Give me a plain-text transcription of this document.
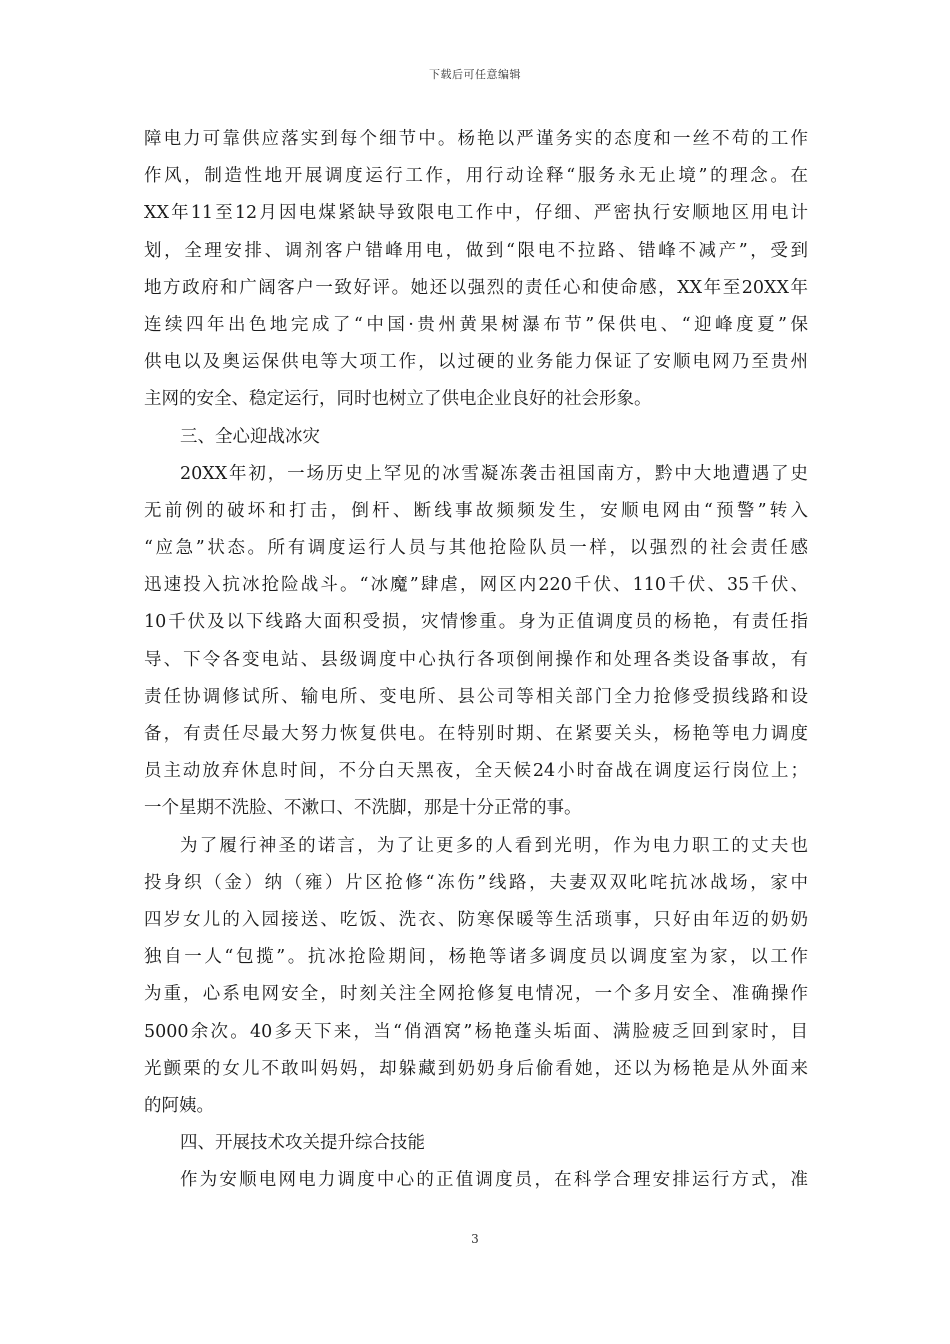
下载后可任意编辑
障电力可靠供应落实到每个细节中。杨艳以严谨务实的态度和一丝不苟的工作
作风，制造性地开展调度运行工作，用行动诠释“服务永无止境”的理念。在
XX年11至12月因电煤紧缺导致限电工作中，仔细、严密执行安顺地区用电计
划，全理安排、调剂客户错峰用电，做到“限电不拉路、错峰不减产”，受到
地方政府和广阔客户一致好评。她还以强烈的责任心和使命感，XX年至20XX年
连续四年出色地完成了“中国·贵州黄果树瀑布节”保供电、“迎峰度夏”保
供电以及奥运保供电等大项工作，以过硬的业务能力保证了安顺电网乃至贵州
主网的安全、稳定运行，同时也树立了供电企业良好的社会形象。
三、全心迎战冰灾
20XX年初，一场历史上罕见的冰雪凝冻袭击祖国南方，黔中大地遭遇了史
无前例的破坏和打击，倒杆、断线事故频频发生，安顺电网由“预警”转入
“应急”状态。所有调度运行人员与其他抢险队员一样，以强烈的社会责任感
迅速投入抗冰抢险战斗。“冰魔”肆虐，网区内220千伏、110千伏、35千伏、
10千伏及以下线路大面积受损，灾情惨重。身为正值调度员的杨艳，有责任指
导、下令各变电站、县级调度中心执行各项倒闸操作和处理各类设备事故，有
责任协调修试所、输电所、变电所、县公司等相关部门全力抢修受损线路和设
备，有责任尽最大努力恢复供电。在特别时期、在紧要关头，杨艳等电力调度
员主动放弃休息时间，不分白天黑夜，全天候24小时奋战在调度运行岗位上；
一个星期不洗脸、不漱口、不洗脚，那是十分正常的事。
为了履行神圣的诺言，为了让更多的人看到光明，作为电力职工的丈夫也
投身织（金）纳（雍）片区抢修“冻伤”线路，夫妻双双叱咤抗冰战场，家中
四岁女儿的入园接送、吃饭、洗衣、防寒保暖等生活琐事，只好由年迈的奶奶
独自一人“包揽”。抗冰抢险期间，杨艳等诸多调度员以调度室为家，以工作
为重，心系电网安全，时刻关注全网抢修复电情况，一个多月安全、准确操作
5000余次。40多天下来，当“俏酒窝”杨艳蓬头垢面、满脸疲乏回到家时，目
光颤栗的女儿不敢叫妈妈，却躲藏到奶奶身后偷看她，还以为杨艳是从外面来
的阿姨。
四、开展技术攻关提升综合技能
作为安顺电网电力调度中心的正值调度员，在科学合理安排运行方式，准
3
